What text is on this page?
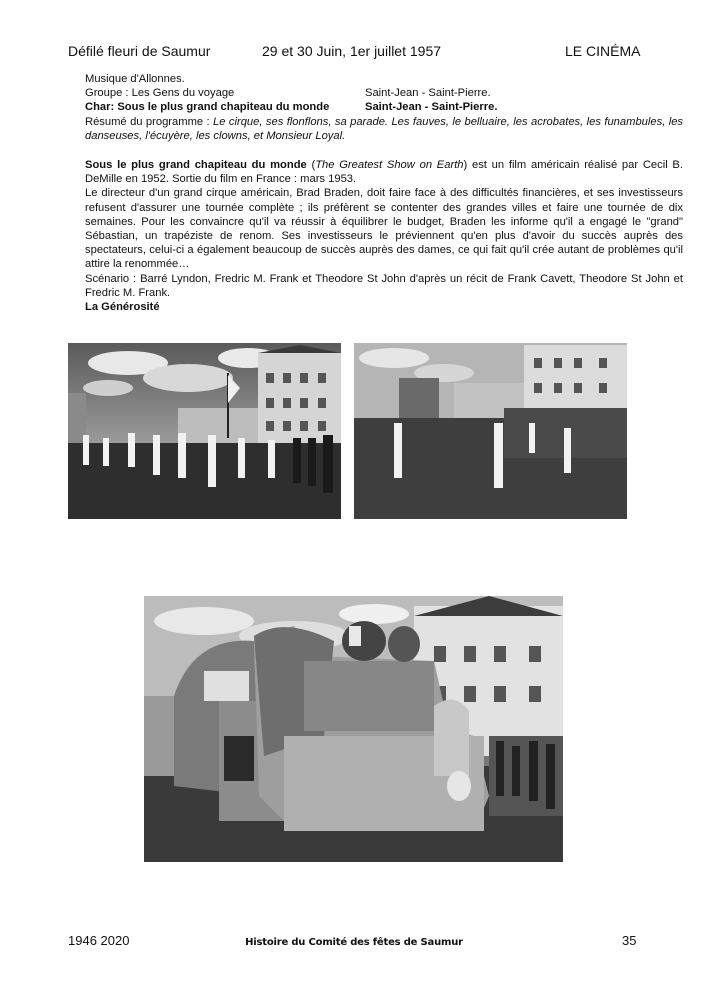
Défilé fleuri de Saumur	29 et 30 Juin, 1er juillet 1957	LE CINÉMA

Musique d'Allonnes.

Groupe : Les Gens du voyage	Saint-Jean - Saint-Pierre.
Char: Sous le plus grand chapiteau du monde	Saint-Jean - Saint-Pierre.

Résumé du programme : Le cirque, ses flonflons, sa parade. Les fauves, le belluaire, les acrobates, les funambules, les danseuses, l'écuyère, les clowns, et Monsieur Loyal.

Sous le plus grand chapiteau du monde (The Greatest Show on Earth) est un film américain réalisé par Cecil B. DeMille en 1952. Sortie du film en France : mars 1953.

Le directeur d'un grand cirque américain, Brad Braden, doit faire face à des difficultés financières, et ses investisseurs refusent d'assurer une tournée complète ; ils préfèrent se contenter des grandes villes et faire une tournée de dix semaines. Pour les convaincre qu'il va réussir à équilibrer le budget, Braden les informe qu'il a engagé le "grand" Sébastian, un trapéziste de renom. Ses investisseurs le préviennent qu'en plus d'avoir du succès auprès des spectateurs, celui-ci a également beaucoup de succès auprès des dames, ce qui fait qu'il crée autant de problèmes qu'il attire la renommée…

Scénario : Barré Lyndon, Fredric M. Frank et Theodore St John d'après un récit de Frank Cavett, Theodore St John et Fredric M. Frank.

La Générosité

1946 2020	Histoire du Comité des fêtes de Saumur	35
